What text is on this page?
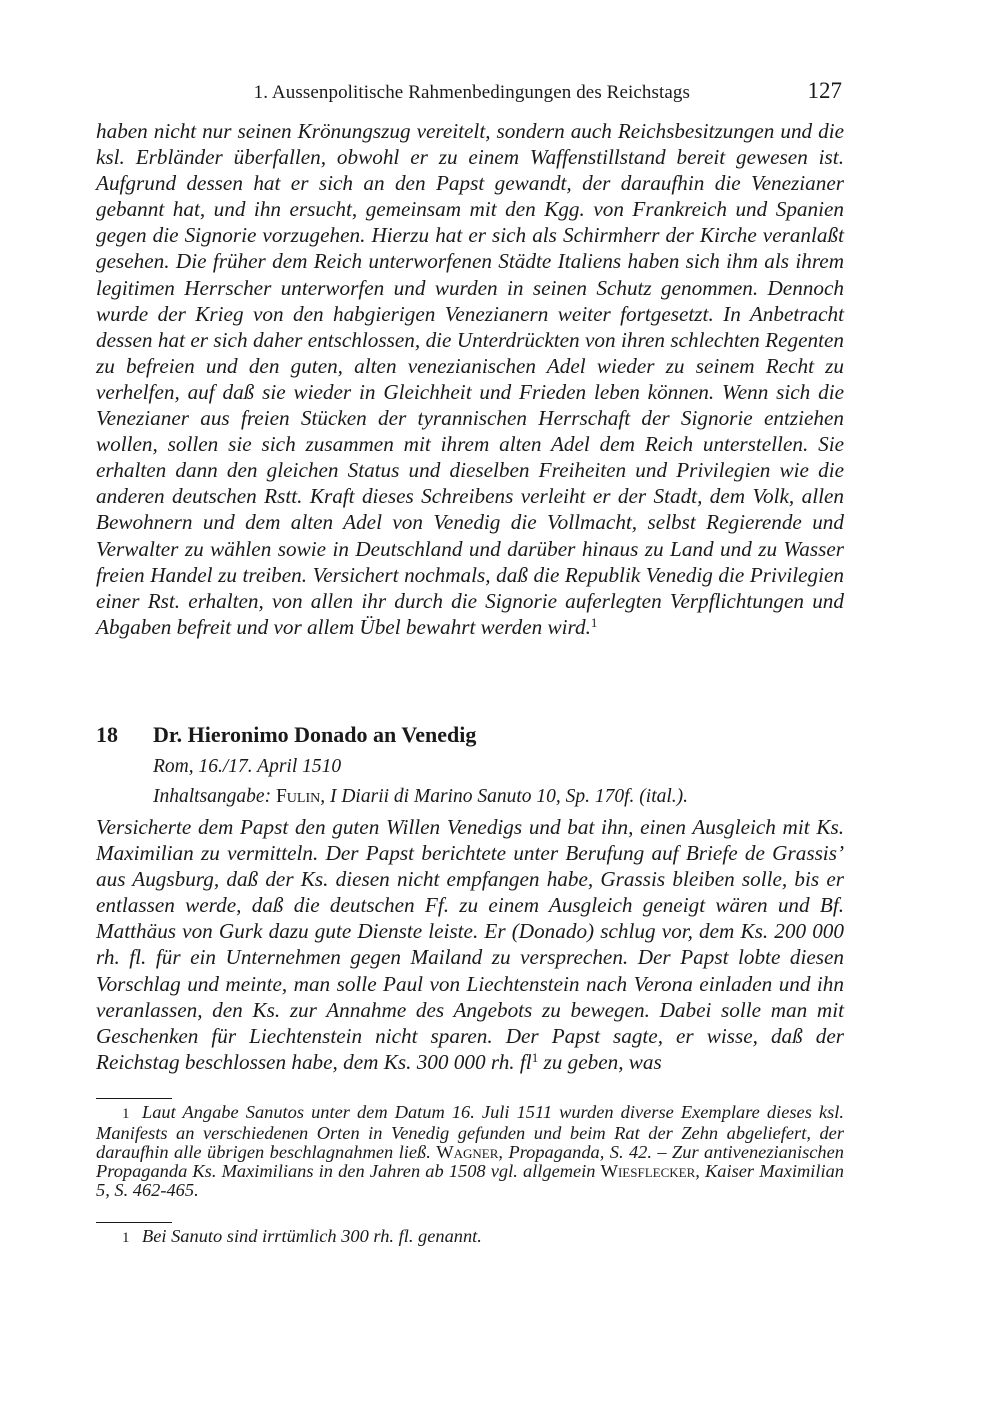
1. Aussenpolitische Rahmenbedingungen des Reichstags	127

haben nicht nur seinen Krönungszug vereitelt, sondern auch Reichsbesitzungen und die ksl. Erbländer überfallen, obwohl er zu einem Waffenstillstand bereit gewesen ist. Aufgrund dessen hat er sich an den Papst gewandt, der daraufhin die Venezianer gebannt hat, und ihn ersucht, gemeinsam mit den Kgg. von Frankreich und Spanien gegen die Signorie vorzugehen. Hierzu hat er sich als Schirmherr der Kirche veranlaßt gesehen. Die früher dem Reich unterworfenen Städte Italiens haben sich ihm als ihrem legitimen Herrscher unterworfen und wurden in seinen Schutz genommen. Dennoch wurde der Krieg von den habgierigen Venezianern weiter fortgesetzt. In Anbetracht dessen hat er sich daher entschlossen, die Unterdrückten von ihren schlechten Regenten zu befreien und den guten, alten venezianischen Adel wieder zu seinem Recht zu verhelfen, auf daß sie wieder in Gleichheit und Frieden leben können. Wenn sich die Venezianer aus freien Stücken der tyrannischen Herrschaft der Signorie entziehen wollen, sollen sie sich zusammen mit ihrem alten Adel dem Reich unterstellen. Sie erhalten dann den gleichen Status und dieselben Freiheiten und Privilegien wie die anderen deutschen Rstt. Kraft dieses Schreibens verleiht er der Stadt, dem Volk, allen Bewohnern und dem alten Adel von Venedig die Vollmacht, selbst Regierende und Verwalter zu wählen sowie in Deutschland und darüber hinaus zu Land und zu Wasser freien Handel zu treiben. Versichert nochmals, daß die Republik Venedig die Privilegien einer Rst. erhalten, von allen ihr durch die Signorie auferlegten Verpflichtungen und Abgaben befreit und vor allem Übel bewahrt werden wird.$^1$

18 Dr. Hieronimo Donado an Venedig
Rom, 16./17. April 1510
Inhaltsangabe: Fulin, I Diarii di Marino Sanuto 10, Sp. 170f. (ital.).

Versicherte dem Papst den guten Willen Venedigs und bat ihn, einen Ausgleich mit Ks. Maximilian zu vermitteln. Der Papst berichtete unter Berufung auf Briefe de Grassis’ aus Augsburg, daß der Ks. diesen nicht empfangen habe, Grassis bleiben solle, bis er entlassen werde, daß die deutschen Ff. zu einem Ausgleich geneigt wären und Bf. Matthäus von Gurk dazu gute Dienste leiste. Er (Donado) schlug vor, dem Ks. 200 000 rh. fl. für ein Unternehmen gegen Mailand zu versprechen. Der Papst lobte diesen Vorschlag und meinte, man solle Paul von Liechtenstein nach Verona einladen und ihn veranlassen, den Ks. zur Annahme des Angebots zu bewegen. Dabei solle man mit Geschenken für Liechtenstein nicht sparen. Der Papst sagte, er wisse, daß der Reichstag beschlossen habe, dem Ks. 300 000 rh. $fl^1$ zu geben, was

1 Laut Angabe Sanutos unter dem Datum 16. Juli 1511 wurden diverse Exemplare dieses ksl. Manifests an verschiedenen Orten in Venedig gefunden und beim Rat der Zehn abgeliefert, der daraufhin alle übrigen beschlagnahmen ließ. Wagner, Propaganda, S. 42. – Zur antivenezianischen Propaganda Ks. Maximilians in den Jahren ab 1508 vgl. allgemein Wiesflecker, Kaiser Maximilian 5, S. 462-465.

1 Bei Sanuto sind irrtümlich 300 rh. fl. genannt.
